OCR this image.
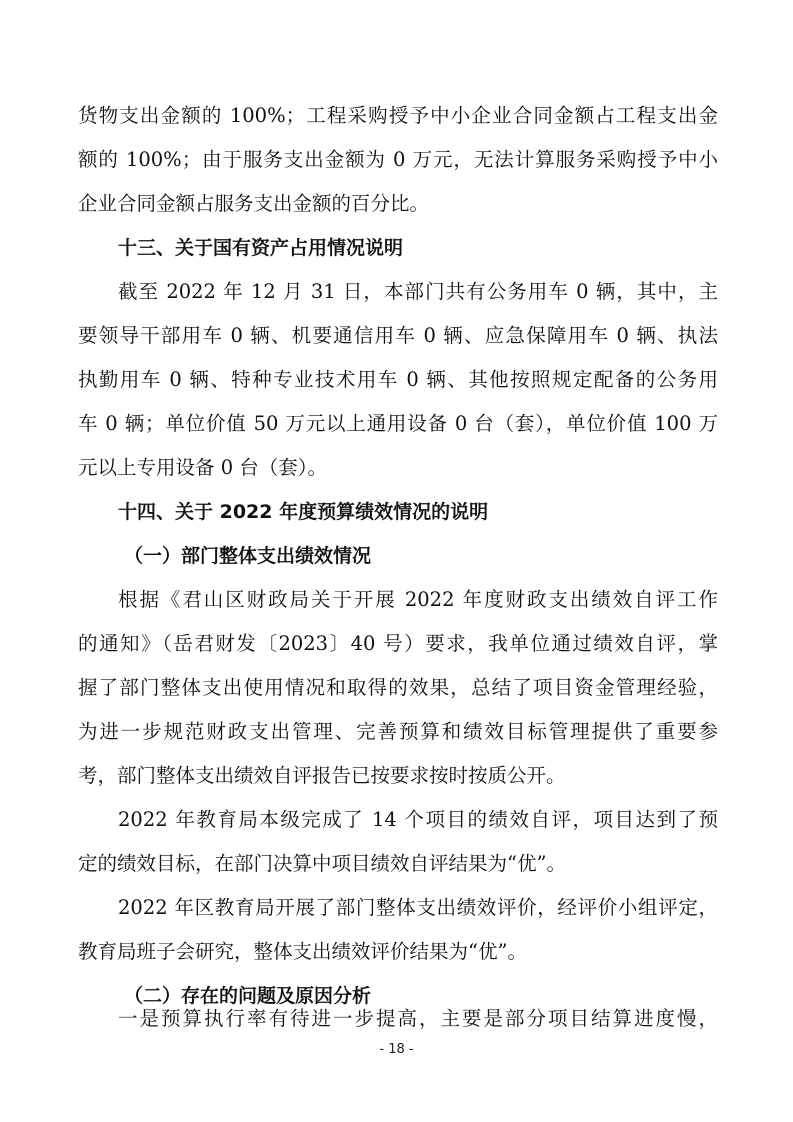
货物支出金额的 100%；工程采购授予中小企业合同金额占工程支出金
额的 100%；由于服务支出金额为 0 万元，无法计算服务采购授予中小
企业合同金额占服务支出金额的百分比。
十三、关于国有资产占用情况说明
截至 2022 年 12 月 31 日，本部门共有公务用车 0 辆，其中，主
要领导干部用车 0 辆、机要通信用车 0 辆、应急保障用车 0 辆、执法
执勤用车 0 辆、特种专业技术用车 0 辆、其他按照规定配备的公务用
车 0 辆；单位价值 50 万元以上通用设备 0 台（套），单位价值 100 万
元以上专用设备 0 台（套）。
十四、关于 2022 年度预算绩效情况的说明
（一）部门整体支出绩效情况
根据《君山区财政局关于开展 2022 年度财政支出绩效自评工作
的通知》（岳君财发〔2023〕40 号）要求，我单位通过绩效自评，掌
握了部门整体支出使用情况和取得的效果，总结了项目资金管理经验，
为进一步规范财政支出管理、完善预算和绩效目标管理提供了重要参
考，部门整体支出绩效自评报告已按要求按时按质公开。
2022 年教育局本级完成了 14 个项目的绩效自评，项目达到了预
定的绩效目标，在部门决算中项目绩效自评结果为“优”。
2022 年区教育局开展了部门整体支出绩效评价，经评价小组评定，
教育局班子会研究，整体支出绩效评价结果为“优”。
（二）存在的问题及原因分析
一是预算执行率有待进一步提高，主要是部分项目结算进度慢，
- 18 -
